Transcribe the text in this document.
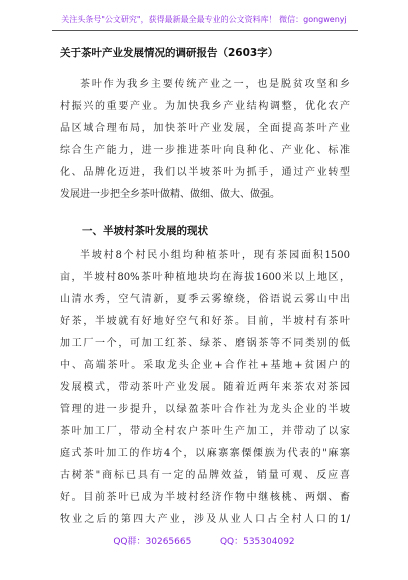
关注头条号"公文研究"，获得最新最全最专业的公文资料库！ 微信：gongwenyj
关于茶叶产业发展情况的调研报告（2603字）
茶叶作为我乡主要传统产业之一，也是脱贫攻坚和乡
村振兴的重要产业。为加快我乡产业结构调整，优化农产
品区域合理布局，加快茶叶产业发展，全面提高茶叶产业
综合生产能力，进一步推进茶叶向良种化、产业化、标准
化、品牌化迈进，我们以半坡茶叶为抓手，通过产业转型
发展进一步把全乡茶叶做精、做细、做大、做强。
一、半坡村茶叶发展的现状
半坡村8个村民小组均种植茶叶，现有茶园面积1500
亩，半坡村80%茶叶种植地块均在海拔1600米以上地区，
山清水秀，空气清新，夏季云雾缭绕，俗语说云雾山中出
好茶，半坡就有好地好空气和好茶。目前，半坡村有茶叶
加工厂一个，可加工红茶、绿茶、磨锅茶等不同类别的低
中、高端茶叶。采取龙头企业+合作社+基地+贫困户的
发展模式，带动茶叶产业发展。随着近两年来茶农对茶园
管理的进一步提升，以绿盈茶叶合作社为龙头企业的半坡
茶叶加工厂，带动全村农户茶叶生产加工，并带动了以家
庭式茶叶加工的作坊4个，以麻寨寨傈傈族为代表的"麻寨
古树茶"商标已具有一定的品牌效益，销量可观、反应喜
好。目前茶叶已成为半坡村经济作物中继核桃、两烟、畜
牧业之后的第四大产业，涉及从业人口占全村人口的1/
QQ群：30265665	QQ：535304092
